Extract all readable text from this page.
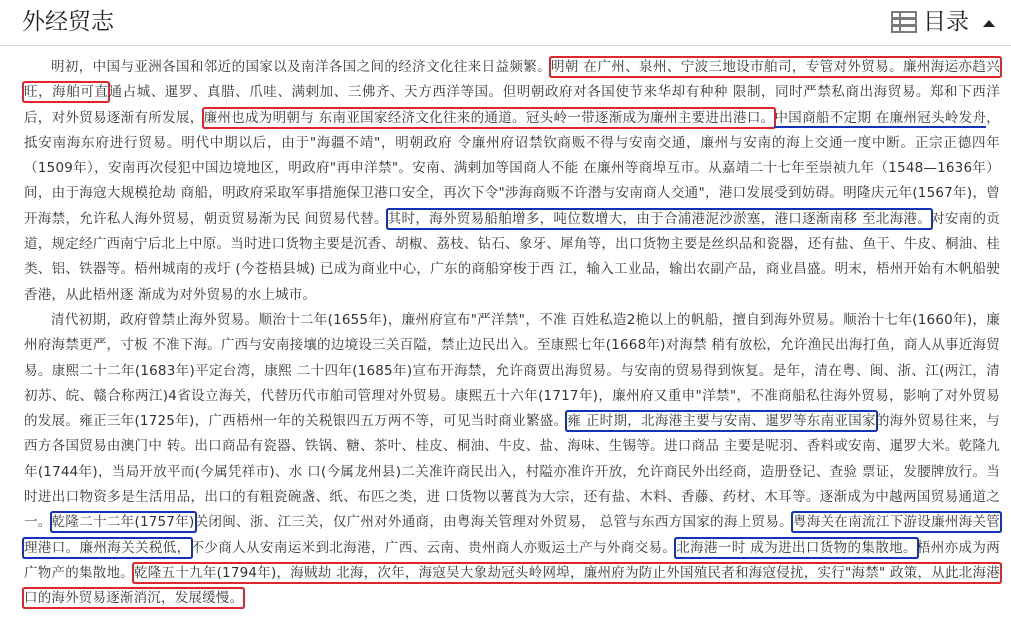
外经贸志	目录

明初，中国与亚洲各国和邻近的国家以及南洋各国之间的经济文化往来日益频繁。明朝 在广州、泉州、宁波三地设市舶司，专管对外贸易。廉州海运亦趋兴旺，海舶可直通占城、暹罗、真腊、爪哇、满剌加、三佛齐、天方西洋等国。但明朝政府对各国使节来华却有种种 限制，同时严禁私商出海贸易。郑和下西洋后，对外贸易逐渐有所发展，廉州也成为明朝与 东南亚国家经济文化往来的通道。冠头岭一带逐渐成为廉州主要进出港口。中国商船不定期 在廉州冠头岭发舟，抵安南海东府进行贸易。明代中期以后，由于"海疆不靖"，明朝政府 令廉州府诏禁钦商贩不得与安南交通，廉州与安南的海上交通一度中断。正宗正德四年（1509年），安南再次侵犯中国边境地区，明政府"再申洋禁"。安南、满剌加等国商人不能 在廉州等商埠互市。从嘉靖二十七年至崇祯九年（1548—1636年）间，由于海寇大规模抢劫 商船，明政府采取军事措施保卫港口安全，再次下令"涉海商贩不许潜与安南商人交通"，港口发展受到妨碍。明隆庆元年(1567年)，曾开海禁，允许私人海外贸易，朝贡贸易渐为民 间贸易代替。其时，海外贸易船舶增多，吨位数增大，由于合浦港泥沙淤塞，港口逐渐南移 至北海港。对安南的贡道，规定经广西南宁后北上中原。当时进口货物主要是沉香、胡椒、荔枝、钻石、象牙、犀角等，出口货物主要是丝织品和瓷器，还有盐、鱼干、牛皮、桐油、桂类、铝、铁器等。梧州城南的戎圩 (今苍梧县城) 已成为商业中心，广东的商船穿梭于西 江，输入工业品，输出农副产品，商业昌盛。明末，梧州开始有木帆船驶香港，从此梧州逐 渐成为对外贸易的水上城市。

清代初期，政府曾禁止海外贸易。顺治十二年(1655年)，廉州府宣布"严洋禁"，不准 百姓私造2桅以上的帆船，擅自到海外贸易。顺治十七年(1660年)，廉州府海禁更严，寸板 不准下海。广西与安南接壤的边境设三关百隘，禁止边民出入。至康熙七年(1668年)对海禁 稍有放松，允许渔民出海打鱼，商人从事近海贸易。康熙二十二年(1683年)平定台湾，康熙 二十四年(1685年)宣布开海禁，允许商贾出海贸易。与安南的贸易得到恢复。是年，清在粤、闽、浙、江(两江，清初苏、皖、赣合称两江)4省设立海关，代替历代市舶司管理对外贸易。康熙五十六年(1717年)，廉州府又重申"洋禁"，不准商船私往海外贸易，影响了对外贸易 的发展。雍正三年(1725年)，广西梧州一年的关税银四五万两不等，可见当时商业繁盛。雍 正时期，北海港主要与安南、暹罗等东南亚国家的海外贸易往来，与西方各国贸易由澳门中 转。出口商品有瓷器、铁锅、糖、茶叶、桂皮、桐油、牛皮、盐、海味、生锡等。进口商品 主要是呢羽、香料或安南、暹罗大米。乾隆九年(1744年)，当局开放平而(今属凭祥市)、水 口(今属龙州县)二关准许商民出入，村隘亦准许开放，允许商民外出经商，造册登记、查验 票证，发腰牌放行。当时进出口物资多是生活用品，出口的有粗瓷碗盏、纸、布匹之类，进 口货物以薯莨为大宗，还有盐、木料、香藤、药材、木耳等。逐渐成为中越两国贸易通道之 一。乾隆二十二年(1757年)关闭闽、浙、江三关，仅广州对外通商，由粤海关管理对外贸易， 总管与东西方国家的海上贸易。粤海关在南流江下游设廉州海关管理港口。廉州海关关税低，不少商人从安南运米到北海港，广西、云南、贵州商人亦贩运土产与外商交易。北海港一时 成为进出口货物的集散地。梧州亦成为两广物产的集散地。乾隆五十九年(1794年)，海贼劫 北海，次年，海寇吴大象劫冠头岭网埠，廉州府为防止外国殖民者和海寇侵扰，实行"海禁" 政策，从此北海港口的海外贸易逐渐消沉，发展缓慢。
